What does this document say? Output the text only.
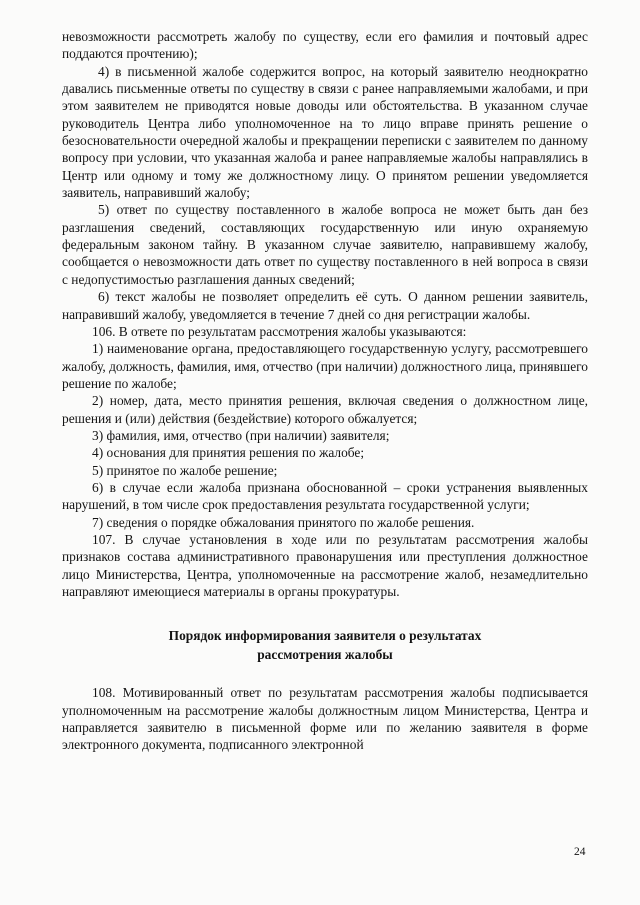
невозможности рассмотреть жалобу по существу, если его фамилия и почтовый адрес поддаются прочтению);

4) в письменной жалобе содержится вопрос, на который заявителю неоднократно давались письменные ответы по существу в связи с ранее направляемыми жалобами, и при этом заявителем не приводятся новые доводы или обстоятельства. В указанном случае руководитель Центра либо уполномоченное на то лицо вправе принять решение о безосновательности очередной жалобы и прекращении переписки с заявителем по данному вопросу при условии, что указанная жалоба и ранее направляемые жалобы направлялись в Центр или одному и тому же должностному лицу. О принятом решении уведомляется заявитель, направивший жалобу;

5) ответ по существу поставленного в жалобе вопроса не может быть дан без разглашения сведений, составляющих государственную или иную охраняемую федеральным законом тайну. В указанном случае заявителю, направившему жалобу, сообщается о невозможности дать ответ по существу поставленного в ней вопроса в связи с недопустимостью разглашения данных сведений;

6) текст жалобы не позволяет определить её суть. О данном решении заявитель, направивший жалобу, уведомляется в течение 7 дней со дня регистрации жалобы.

106. В ответе по результатам рассмотрения жалобы указываются:

1) наименование органа, предоставляющего государственную услугу, рассмотревшего жалобу, должность, фамилия, имя, отчество (при наличии) должностного лица, принявшего решение по жалобе;

2) номер, дата, место принятия решения, включая сведения о должностном лице, решения и (или) действия (бездействие) которого обжалуется;

3) фамилия, имя, отчество (при наличии) заявителя;

4) основания для принятия решения по жалобе;

5) принятое по жалобе решение;

6) в случае если жалоба признана обоснованной – сроки устранения выявленных нарушений, в том числе срок предоставления результата государственной услуги;

7) сведения о порядке обжалования принятого по жалобе решения.

107. В случае установления в ходе или по результатам рассмотрения жалобы признаков состава административного правонарушения или преступления должностное лицо Министерства, Центра, уполномоченные на рассмотрение жалоб, незамедлительно направляют имеющиеся материалы в органы прокуратуры.

Порядок информирования заявителя о результатах

рассмотрения жалобы

108. Мотивированный ответ по результатам рассмотрения жалобы подписывается уполномоченным на рассмотрение жалобы должностным лицом Министерства, Центра и направляется заявителю в письменной форме или по желанию заявителя в форме электронного документа, подписанного электронной

24
